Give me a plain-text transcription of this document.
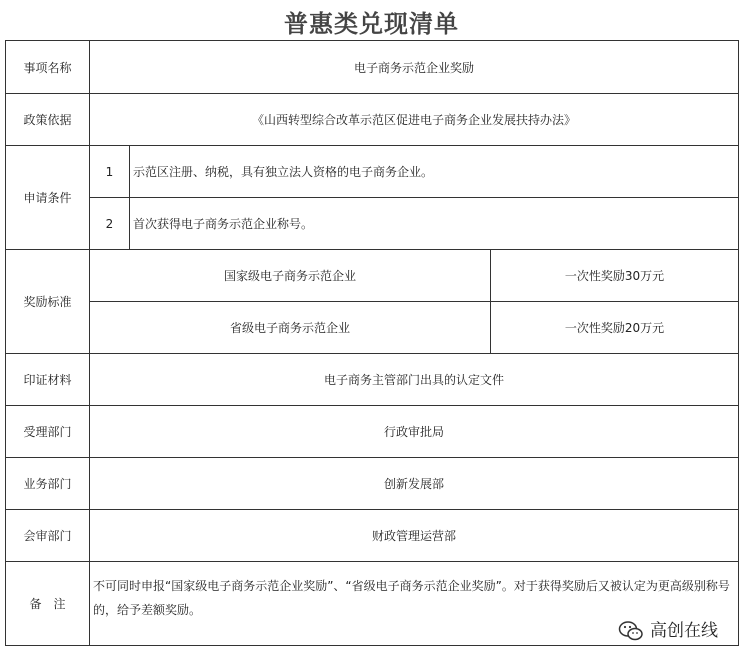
普惠类兑现清单
事项名称	电子商务示范企业奖励		
政策依据	《山西转型综合改革示范区促进电子商务企业发展扶持办法》		
申请条件	1	示范区注册、纳税，具有独立法人资格的电子商务企业。	
	2	首次获得电子商务示范企业称号。	
奖励标准	国家级电子商务示范企业		一次性奖励30万元
	省级电子商务示范企业		一次性奖励20万元
印证材料	电子商务主管部门出具的认定文件		
受理部门	行政审批局		
业务部门	创新发展部		
会审部门	财政管理运营部		
备　注	不可同时申报“国家级电子商务示范企业奖励”、“省级电子商务示范企业奖励”。对于获得奖励后又被认定为更高级别称号的，给予差额奖励。
高创在线		
